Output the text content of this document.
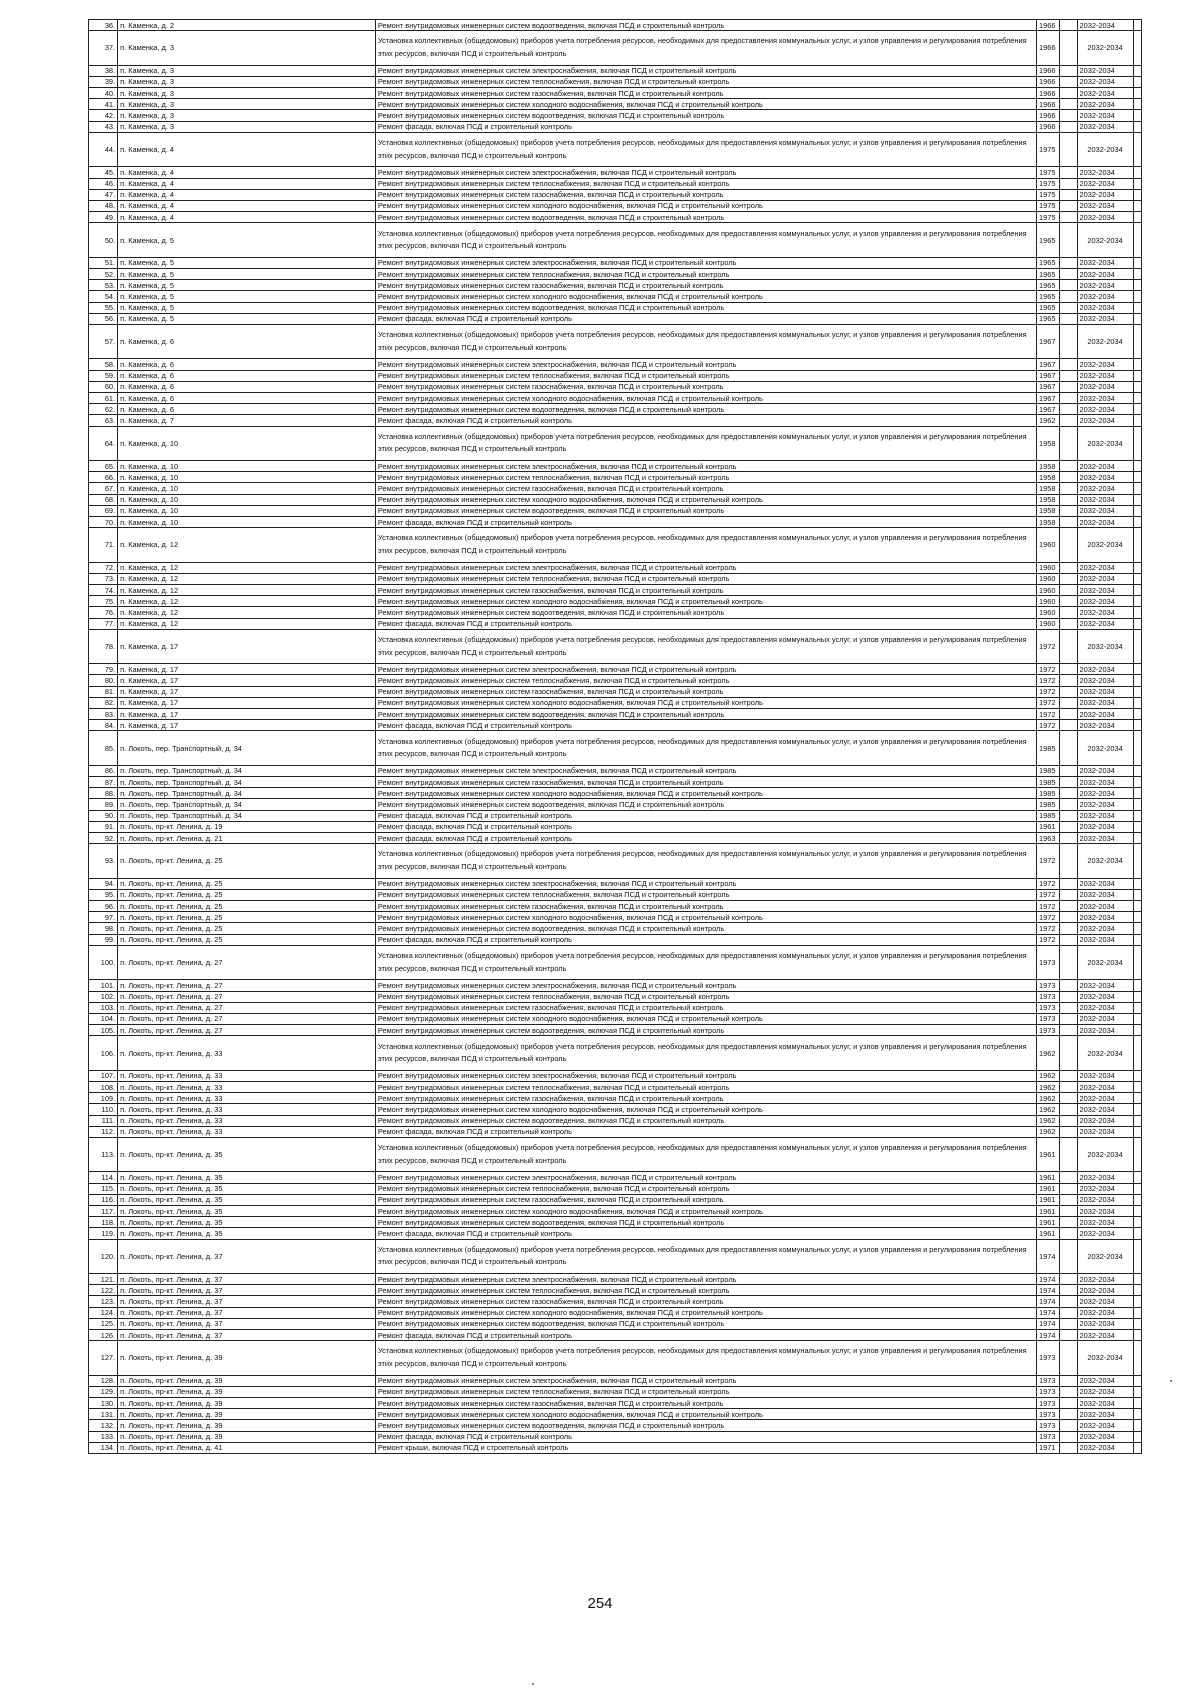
36.	п. Каменка, д. 2	Ремонт внутридомовых инженерных систем водоотведения, включая ПСД и строительный контроль	1966		2032-2034	
37.	п. Каменка, д. 3	Установка коллективных (общедомовых) приборов учета потребления ресурсов, необходимых для предоставления коммунальных услуг, и узлов управления и регулирования потребления этих ресурсов, включая ПСД и строительный контроль	1966		2032-2034	
38.	п. Каменка, д. 3	Ремонт внутридомовых инженерных систем электроснабжения, включая ПСД и строительный контроль	1966		2032-2034	
39.	п. Каменка, д. 3	Ремонт внутридомовых инженерных систем теплоснабжения, включая ПСД и строительный контроль	1966		2032-2034	
40.	п. Каменка, д. 3	Ремонт внутридомовых инженерных систем газоснабжения, включая ПСД и строительный контроль	1966		2032-2034	
41.	п. Каменка, д. 3	Ремонт внутридомовых инженерных систем холодного водоснабжения, включая ПСД и строительный контроль	1966		2032-2034	
42.	п. Каменка, д. 3	Ремонт внутридомовых инженерных систем водоотведения, включая ПСД и строительный контроль	1966		2032-2034	
43.	п. Каменка, д. 3	Ремонт фасада, включая ПСД и строительный контроль	1966		2032-2034	
44.	п. Каменка, д. 4	Установка коллективных (общедомовых) приборов учета потребления ресурсов, необходимых для предоставления коммунальных услуг, и узлов управления и регулирования потребления этих ресурсов, включая ПСД и строительный контроль	1975		2032-2034	
45.	п. Каменка, д. 4	Ремонт внутридомовых инженерных систем электроснабжения, включая ПСД и строительный контроль	1975		2032-2034	
46.	п. Каменка, д. 4	Ремонт внутридомовых инженерных систем теплоснабжения, включая ПСД и строительный контроль	1975		2032-2034	
47.	п. Каменка, д. 4	Ремонт внутридомовых инженерных систем газоснабжения, включая ПСД и строительный контроль	1975		2032-2034	
48.	п. Каменка, д. 4	Ремонт внутридомовых инженерных систем холодного водоснабжения, включая ПСД и строительный контроль	1975		2032-2034	
49.	п. Каменка, д. 4	Ремонт внутридомовых инженерных систем водоотведения, включая ПСД и строительный контроль	1975		2032-2034	
50.	п. Каменка, д. 5	Установка коллективных (общедомовых) приборов учета потребления ресурсов, необходимых для предоставления коммунальных услуг, и узлов управления и регулирования потребления этих ресурсов, включая ПСД и строительный контроль	1965		2032-2034	
51.	п. Каменка, д. 5	Ремонт внутридомовых инженерных систем электроснабжения, включая ПСД и строительный контроль	1965		2032-2034	
52.	п. Каменка, д. 5	Ремонт внутридомовых инженерных систем теплоснабжения, включая ПСД и строительный контроль	1965		2032-2034	
53.	п. Каменка, д. 5	Ремонт внутридомовых инженерных систем газоснабжения, включая ПСД и строительный контроль	1965		2032-2034	
54.	п. Каменка, д. 5	Ремонт внутридомовых инженерных систем холодного водоснабжения, включая ПСД и строительный контроль	1965		2032-2034	
55.	п. Каменка, д. 5	Ремонт внутридомовых инженерных систем водоотведения, включая ПСД и строительный контроль	1965		2032-2034	
56.	п. Каменка, д. 5	Ремонт фасада, включая ПСД и строительный контроль	1965		2032-2034	
57.	п. Каменка, д. 6	Установка коллективных (общедомовых) приборов учета потребления ресурсов, необходимых для предоставления коммунальных услуг, и узлов управления и регулирования потребления этих ресурсов, включая ПСД и строительный контроль	1967		2032-2034	
58.	п. Каменка, д. 6	Ремонт внутридомовых инженерных систем электроснабжения, включая ПСД и строительный контроль	1967		2032-2034	
59.	п. Каменка, д. 6	Ремонт внутридомовых инженерных систем теплоснабжения, включая ПСД и строительный контроль	1967		2032-2034	
60.	п. Каменка, д. 6	Ремонт внутридомовых инженерных систем газоснабжения, включая ПСД и строительный контроль	1967		2032-2034	
61.	п. Каменка, д. 6	Ремонт внутридомовых инженерных систем холодного водоснабжения, включая ПСД и строительный контроль	1967		2032-2034	
62.	п. Каменка, д. 6	Ремонт внутридомовых инженерных систем водоотведения, включая ПСД и строительный контроль	1967		2032-2034	
63.	п. Каменка, д. 7	Ремонт фасада, включая ПСД и строительный контроль	1962		2032-2034	
64.	п. Каменка, д. 10	Установка коллективных (общедомовых) приборов учета потребления ресурсов, необходимых для предоставления коммунальных услуг, и узлов управления и регулирования потребления этих ресурсов, включая ПСД и строительный контроль	1958		2032-2034	
65.	п. Каменка, д. 10	Ремонт внутридомовых инженерных систем электроснабжения, включая ПСД и строительный контроль	1958		2032-2034	
66.	п. Каменка, д. 10	Ремонт внутридомовых инженерных систем теплоснабжения, включая ПСД и строительный контроль	1958		2032-2034	
67.	п. Каменка, д. 10	Ремонт внутридомовых инженерных систем газоснабжения, включая ПСД и строительный контроль	1958		2032-2034	
68.	п. Каменка, д. 10	Ремонт внутридомовых инженерных систем холодного водоснабжения, включая ПСД и строительный контроль	1958		2032-2034	
69.	п. Каменка, д. 10	Ремонт внутридомовых инженерных систем водоотведения, включая ПСД и строительный контроль	1958		2032-2034	
70.	п. Каменка, д. 10	Ремонт фасада, включая ПСД и строительный контроль	1958		2032-2034	
71.	п. Каменка, д. 12	Установка коллективных (общедомовых) приборов учета потребления ресурсов, необходимых для предоставления коммунальных услуг, и узлов управления и регулирования потребления этих ресурсов, включая ПСД и строительный контроль	1960		2032-2034	
72.	п. Каменка, д. 12	Ремонт внутридомовых инженерных систем электроснабжения, включая ПСД и строительный контроль	1960		2032-2034	
73.	п. Каменка, д. 12	Ремонт внутридомовых инженерных систем теплоснабжения, включая ПСД и строительный контроль	1960		2032-2034	
74.	п. Каменка, д. 12	Ремонт внутридомовых инженерных систем газоснабжения, включая ПСД и строительный контроль	1960		2032-2034	
75.	п. Каменка, д. 12	Ремонт внутридомовых инженерных систем холодного водоснабжения, включая ПСД и строительный контроль	1960		2032-2034	
76.	п. Каменка, д. 12	Ремонт внутридомовых инженерных систем водоотведения, включая ПСД и строительный контроль	1960		2032-2034	
77.	п. Каменка, д. 12	Ремонт фасада, включая ПСД и строительный контроль	1960		2032-2034	
78.	п. Каменка, д. 17	Установка коллективных (общедомовых) приборов учета потребления ресурсов, необходимых для предоставления коммунальных услуг, и узлов управления и регулирования потребления этих ресурсов, включая ПСД и строительный контроль	1972		2032-2034	
79.	п. Каменка, д. 17	Ремонт внутридомовых инженерных систем электроснабжения, включая ПСД и строительный контроль	1972		2032-2034	
80.	п. Каменка, д. 17	Ремонт внутридомовых инженерных систем теплоснабжения, включая ПСД и строительный контроль	1972		2032-2034	
81.	п. Каменка, д. 17	Ремонт внутридомовых инженерных систем газоснабжения, включая ПСД и строительный контроль	1972		2032-2034	
82.	п. Каменка, д. 17	Ремонт внутридомовых инженерных систем холодного водоснабжения, включая ПСД и строительный контроль	1972		2032-2034	
83.	п. Каменка, д. 17	Ремонт внутридомовых инженерных систем водоотведения, включая ПСД и строительный контроль	1972		2032-2034	
84.	п. Каменка, д. 17	Ремонт фасада, включая ПСД и строительный контроль	1972		2032-2034	
85.	п. Локоть, пер. Транспортный, д. 34	Установка коллективных (общедомовых) приборов учета потребления ресурсов, необходимых для предоставления коммунальных услуг, и узлов управления и регулирования потребления этих ресурсов, включая ПСД и строительный контроль	1985		2032-2034	
86.	п. Локоть, пер. Транспортный, д. 34	Ремонт внутридомовых инженерных систем электроснабжения, включая ПСД и строительный контроль	1985		2032-2034	
87.	п. Локоть, пер. Транспортный, д. 34	Ремонт внутридомовых инженерных систем газоснабжения, включая ПСД и строительный контроль	1985		2032-2034	
88.	п. Локоть, пер. Транспортный, д. 34	Ремонт внутридомовых инженерных систем холодного водоснабжения, включая ПСД и строительный контроль	1985		2032-2034	
89.	п. Локоть, пер. Транспортный, д. 34	Ремонт внутридомовых инженерных систем водоотведения, включая ПСД и строительный контроль	1985		2032-2034	
90.	п. Локоть, пер. Транспортный, д. 34	Ремонт фасада, включая ПСД и строительный контроль	1985		2032-2034	
91.	п. Локоть, пр-кт. Ленина, д. 19	Ремонт фасада, включая ПСД и строительный контроль	1961		2032-2034	
92.	п. Локоть, пр-кт. Ленина, д. 21	Ремонт фасада, включая ПСД и строительный контроль	1963		2032-2034	
93.	п. Локоть, пр-кт. Ленина, д. 25	Установка коллективных (общедомовых) приборов учета потребления ресурсов, необходимых для предоставления коммунальных услуг, и узлов управления и регулирования потребления этих ресурсов, включая ПСД и строительный контроль	1972		2032-2034	
94.	п. Локоть, пр-кт. Ленина, д. 25	Ремонт внутридомовых инженерных систем электроснабжения, включая ПСД и строительный контроль	1972		2032-2034	
95.	п. Локоть, пр-кт. Ленина, д. 25	Ремонт внутридомовых инженерных систем теплоснабжения, включая ПСД и строительный контроль	1972		2032-2034	
96.	п. Локоть, пр-кт. Ленина, д. 25	Ремонт внутридомовых инженерных систем газоснабжения, включая ПСД и строительный контроль	1972		2032-2034	
97.	п. Локоть, пр-кт. Ленина, д. 25	Ремонт внутридомовых инженерных систем холодного водоснабжения, включая ПСД и строительный контроль	1972		2032-2034	
98.	п. Локоть, пр-кт. Ленина, д. 25	Ремонт внутридомовых инженерных систем водоотведения, включая ПСД и строительный контроль	1972		2032-2034	
99.	п. Локоть, пр-кт. Ленина, д. 25	Ремонт фасада, включая ПСД и строительный контроль	1972		2032-2034	
100.	п. Локоть, пр-кт. Ленина, д. 27	Установка коллективных (общедомовых) приборов учета потребления ресурсов, необходимых для предоставления коммунальных услуг, и узлов управления и регулирования потребления этих ресурсов, включая ПСД и строительный контроль	1973		2032-2034	
101.	п. Локоть, пр-кт. Ленина, д. 27	Ремонт внутридомовых инженерных систем электроснабжения, включая ПСД и строительный контроль	1973		2032-2034	
102.	п. Локоть, пр-кт. Ленина, д. 27	Ремонт внутридомовых инженерных систем теплоснабжения, включая ПСД и строительный контроль	1973		2032-2034	
103.	п. Локоть, пр-кт. Ленина, д. 27	Ремонт внутридомовых инженерных систем газоснабжения, включая ПСД и строительный контроль	1973		2032-2034	
104.	п. Локоть, пр-кт. Ленина, д. 27	Ремонт внутридомовых инженерных систем холодного водоснабжения, включая ПСД и строительный контроль	1973		2032-2034	
105.	п. Локоть, пр-кт. Ленина, д. 27	Ремонт внутридомовых инженерных систем водоотведения, включая ПСД и строительный контроль	1973		2032-2034	
106.	п. Локоть, пр-кт. Ленина, д. 33	Установка коллективных (общедомовых) приборов учета потребления ресурсов, необходимых для предоставления коммунальных услуг, и узлов управления и регулирования потребления этих ресурсов, включая ПСД и строительный контроль	1962		2032-2034	
107.	п. Локоть, пр-кт. Ленина, д. 33	Ремонт внутридомовых инженерных систем электроснабжения, включая ПСД и строительный контроль	1962		2032-2034	
108.	п. Локоть, пр-кт. Ленина, д. 33	Ремонт внутридомовых инженерных систем теплоснабжения, включая ПСД и строительный контроль	1962		2032-2034	
109.	п. Локоть, пр-кт. Ленина, д. 33	Ремонт внутридомовых инженерных систем газоснабжения, включая ПСД и строительный контроль	1962		2032-2034	
110.	п. Локоть, пр-кт. Ленина, д. 33	Ремонт внутридомовых инженерных систем холодного водоснабжения, включая ПСД и строительный контроль	1962		2032-2034	
111.	п. Локоть, пр-кт. Ленина, д. 33	Ремонт внутридомовых инженерных систем водоотведения, включая ПСД и строительный контроль	1962		2032-2034	
112.	п. Локоть, пр-кт. Ленина, д. 33	Ремонт фасада, включая ПСД и строительный контроль	1962		2032-2034	
113.	п. Локоть, пр-кт. Ленина, д. 35	Установка коллективных (общедомовых) приборов учета потребления ресурсов, необходимых для предоставления коммунальных услуг, и узлов управления и регулирования потребления этих ресурсов, включая ПСД и строительный контроль	1961		2032-2034	
114.	п. Локоть, пр-кт. Ленина, д. 35	Ремонт внутридомовых инженерных систем электроснабжения, включая ПСД и строительный контроль	1961		2032-2034	
115.	п. Локоть, пр-кт. Ленина, д. 35	Ремонт внутридомовых инженерных систем теплоснабжения, включая ПСД и строительный контроль	1961		2032-2034	
116.	п. Локоть, пр-кт. Ленина, д. 35	Ремонт внутридомовых инженерных систем газоснабжения, включая ПСД и строительный контроль	1961		2032-2034	
117.	п. Локоть, пр-кт. Ленина, д. 35	Ремонт внутридомовых инженерных систем холодного водоснабжения, включая ПСД и строительный контроль	1961		2032-2034	
118.	п. Локоть, пр-кт. Ленина, д. 35	Ремонт внутридомовых инженерных систем водоотведения, включая ПСД и строительный контроль	1961		2032-2034	
119.	п. Локоть, пр-кт. Ленина, д. 35	Ремонт фасада, включая ПСД и строительный контроль	1961		2032-2034	
120.	п. Локоть, пр-кт. Ленина, д. 37	Установка коллективных (общедомовых) приборов учета потребления ресурсов, необходимых для предоставления коммунальных услуг, и узлов управления и регулирования потребления этих ресурсов, включая ПСД и строительный контроль	1974		2032-2034	
121.	п. Локоть, пр-кт. Ленина, д. 37	Ремонт внутридомовых инженерных систем электроснабжения, включая ПСД и строительный контроль	1974		2032-2034	
122.	п. Локоть, пр-кт. Ленина, д. 37	Ремонт внутридомовых инженерных систем теплоснабжения, включая ПСД и строительный контроль	1974		2032-2034	
123.	п. Локоть, пр-кт. Ленина, д. 37	Ремонт внутридомовых инженерных систем газоснабжения, включая ПСД и строительный контроль	1974		2032-2034	
124.	п. Локоть, пр-кт. Ленина, д. 37	Ремонт внутридомовых инженерных систем холодного водоснабжения, включая ПСД и строительный контроль	1974		2032-2034	
125.	п. Локоть, пр-кт. Ленина, д. 37	Ремонт внутридомовых инженерных систем водоотведения, включая ПСД и строительный контроль	1974		2032-2034	
126.	п. Локоть, пр-кт. Ленина, д. 37	Ремонт фасада, включая ПСД и строительный контроль	1974		2032-2034	
127.	п. Локоть, пр-кт. Ленина, д. 39	Установка коллективных (общедомовых) приборов учета потребления ресурсов, необходимых для предоставления коммунальных услуг, и узлов управления и регулирования потребления этих ресурсов, включая ПСД и строительный контроль	1973		2032-2034	
128.	п. Локоть, пр-кт. Ленина, д. 39	Ремонт внутридомовых инженерных систем электроснабжения, включая ПСД и строительный контроль	1973		2032-2034	
129.	п. Локоть, пр-кт. Ленина, д. 39	Ремонт внутридомовых инженерных систем теплоснабжения, включая ПСД и строительный контроль	1973		2032-2034	
130.	п. Локоть, пр-кт. Ленина, д. 39	Ремонт внутридомовых инженерных систем газоснабжения, включая ПСД и строительный контроль	1973		2032-2034	
131.	п. Локоть, пр-кт. Ленина, д. 39	Ремонт внутридомовых инженерных систем холодного водоснабжения, включая ПСД и строительный контроль	1973		2032-2034	
132.	п. Локоть, пр-кт. Ленина, д. 39	Ремонт внутридомовых инженерных систем водоотведения, включая ПСД и строительный контроль	1973		2032-2034	
133.	п. Локоть, пр-кт. Ленина, д. 39	Ремонт фасада, включая ПСД и строительный контроль	1973		2032-2034	
134.	п. Локоть, пр-кт. Ленина, д. 41	Ремонт крыши, включая ПСД и строительный контроль	1971		2032-2034	
254
